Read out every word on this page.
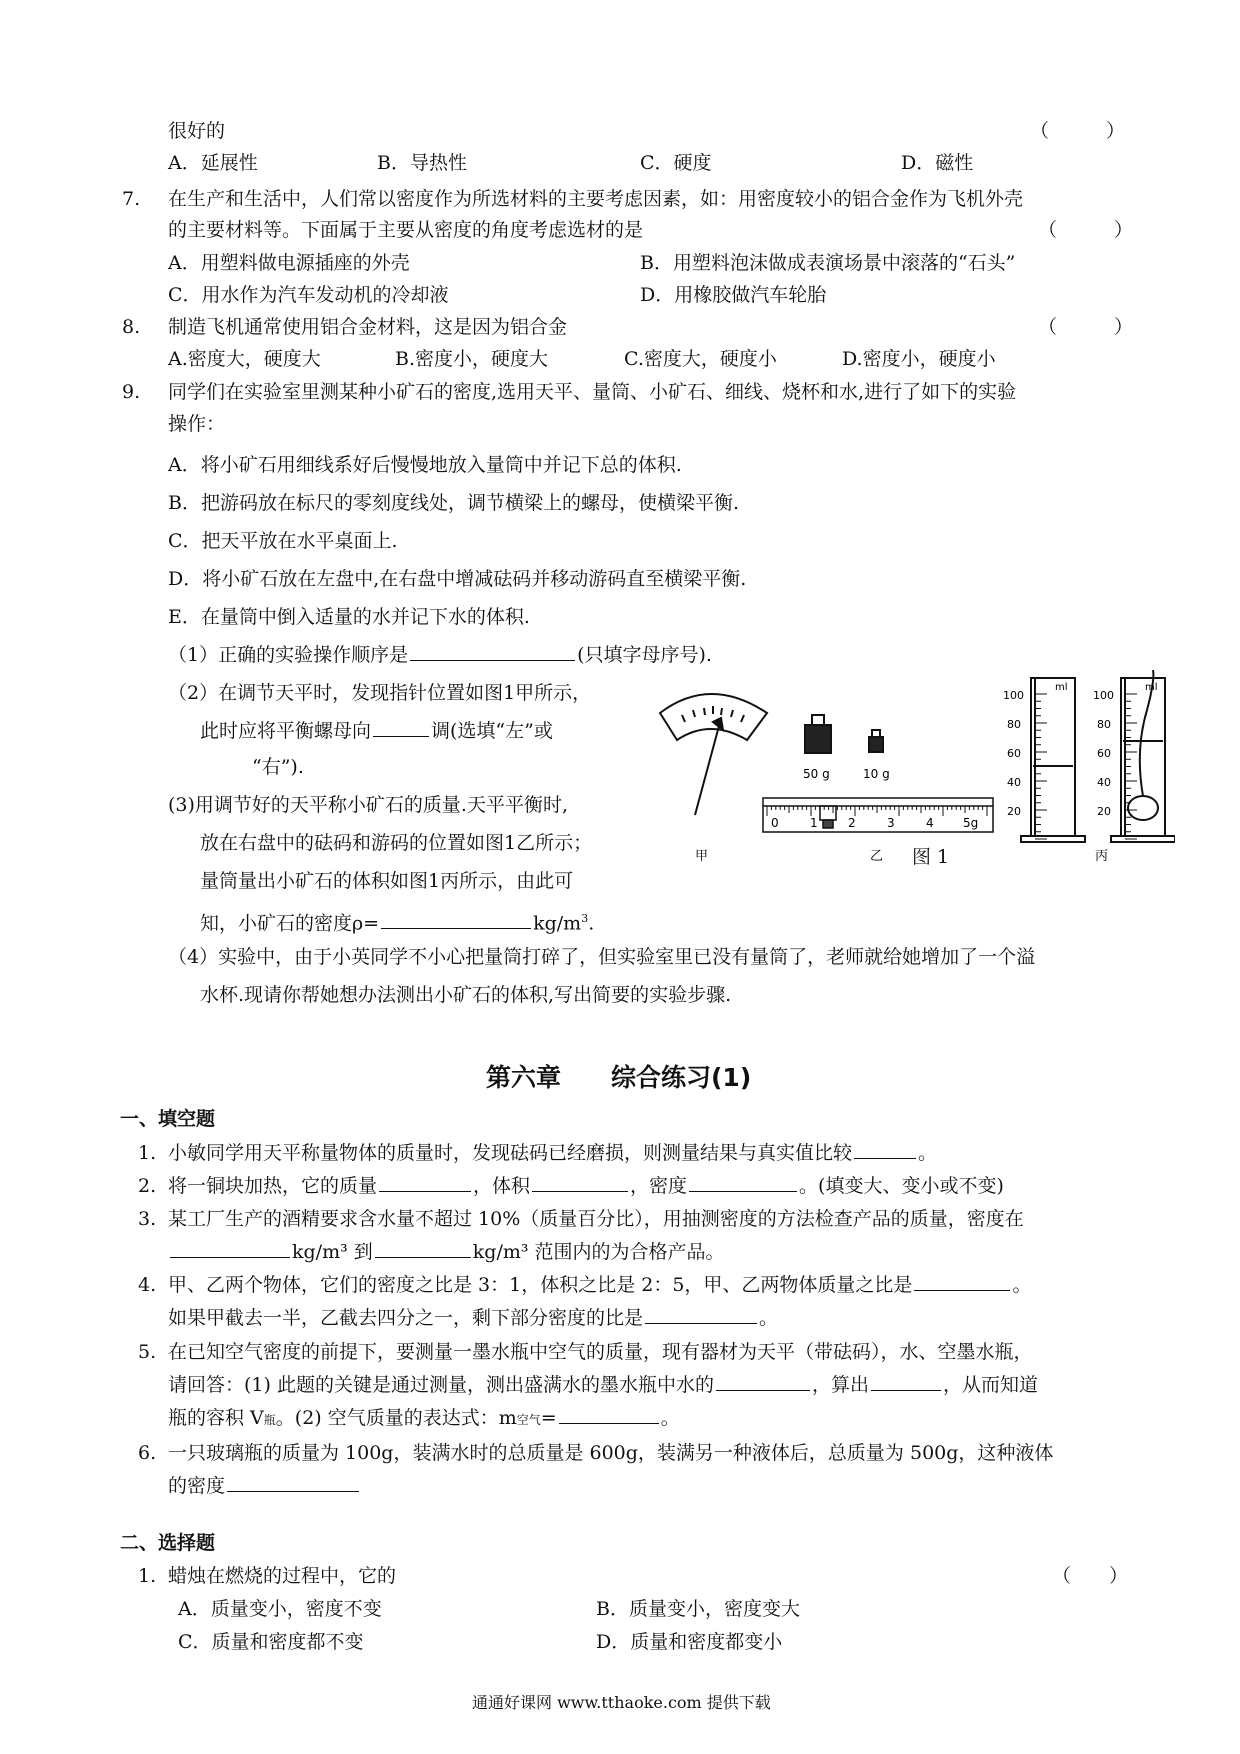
很好的	（　　　）
A．延展性	B．导热性	C．硬度	D．磁性
7. 在生产和生活中，人们常以密度作为所选材料的主要考虑因素，如：用密度较小的铝合金作为飞机外壳
的主要材料等。下面属于主要从密度的角度考虑选材的是	（　　　）
A．用塑料做电源插座的外壳	B．用塑料泡沫做成表演场景中滚落的“石头”
C．用水作为汽车发动机的冷却液	D．用橡胶做汽车轮胎
8. 制造飞机通常使用铝合金材料，这是因为铝合金	（　　　）
A.密度大，硬度大	B.密度小，硬度大	C.密度大，硬度小	D.密度小，硬度小
9. 同学们在实验室里测某种小矿石的密度,选用天平、量筒、小矿石、细线、烧杯和水,进行了如下的实验
操作：
A．将小矿石用细线系好后慢慢地放入量筒中并记下总的体积.
B．把游码放在标尺的零刻度线处，调节横梁上的螺母，使横梁平衡.
C．把天平放在水平桌面上.
D．将小矿石放在左盘中,在右盘中增减砝码并移动游码直至横梁平衡.
E．在量筒中倒入适量的水并记下水的体积.
（1）正确的实验操作顺序是	(只填字母序号).
（2）在调节天平时，发现指针位置如图1甲所示，
此时应将平衡螺母向	调(选填“左”或
“右”).
(3)用调节好的天平称小矿石的质量.天平平衡时,
放在右盘中的砝码和游码的位置如图1乙所示；
量筒量出小矿石的体积如图1丙所示，由此可
知，小矿石的密度ρ=	$kg/m^3$.
（4）实验中，由于小英同学不小心把量筒打碎了，但实验室里已没有量筒了，老师就给她增加了一个溢
水杯.现请你帮她想办法测出小矿石的体积,写出简要的实验步骤.
甲
50 g	10 g
0	1	2	3	4 5g
乙
ml
100
80
60
40
20
ml
100
80
60
40
20
丙
图 1
第六章　　综合练习(1)
一、填空题
1. 小敏同学用天平称量物体的质量时，发现砝码已经磨损，则测量结果与真实值比较	。
2. 将一铜块加热，它的质量	，体积	，密度	。(填变大、变小或不变)
3. 某工厂生产的酒精要求含水量不超过 10%（质量百分比），用抽测密度的方法检查产品的质量，密度在
kg/m³ 到	kg/m³ 范围内的为合格产品。
4. 甲、乙两个物体，它们的密度之比是 3：1，体积之比是 2：5，甲、乙两物体质量之比是	。
如果甲截去一半，乙截去四分之一，剩下部分密度的比是	。
5. 在已知空气密度的前提下，要测量一墨水瓶中空气的质量，现有器材为天平（带砝码），水、空墨水瓶，
请回答：(1) 此题的关键是通过测量，测出盛满水的墨水瓶中水的	，算出	，从而知道
瓶的容积 V瓶。(2) 空气质量的表达式：m空气=	。
6. 一只玻璃瓶的质量为 100g，装满水时的总质量是 600g，装满另一种液体后，总质量为 500g，这种液体
的密度
二、选择题
1. 蜡烛在燃烧的过程中，它的	（　　）
A．质量变小，密度不变	B．质量变小，密度变大
C．质量和密度都不变	D．质量和密度都变小
通通好课网 www.tthaoke.com 提供下载
